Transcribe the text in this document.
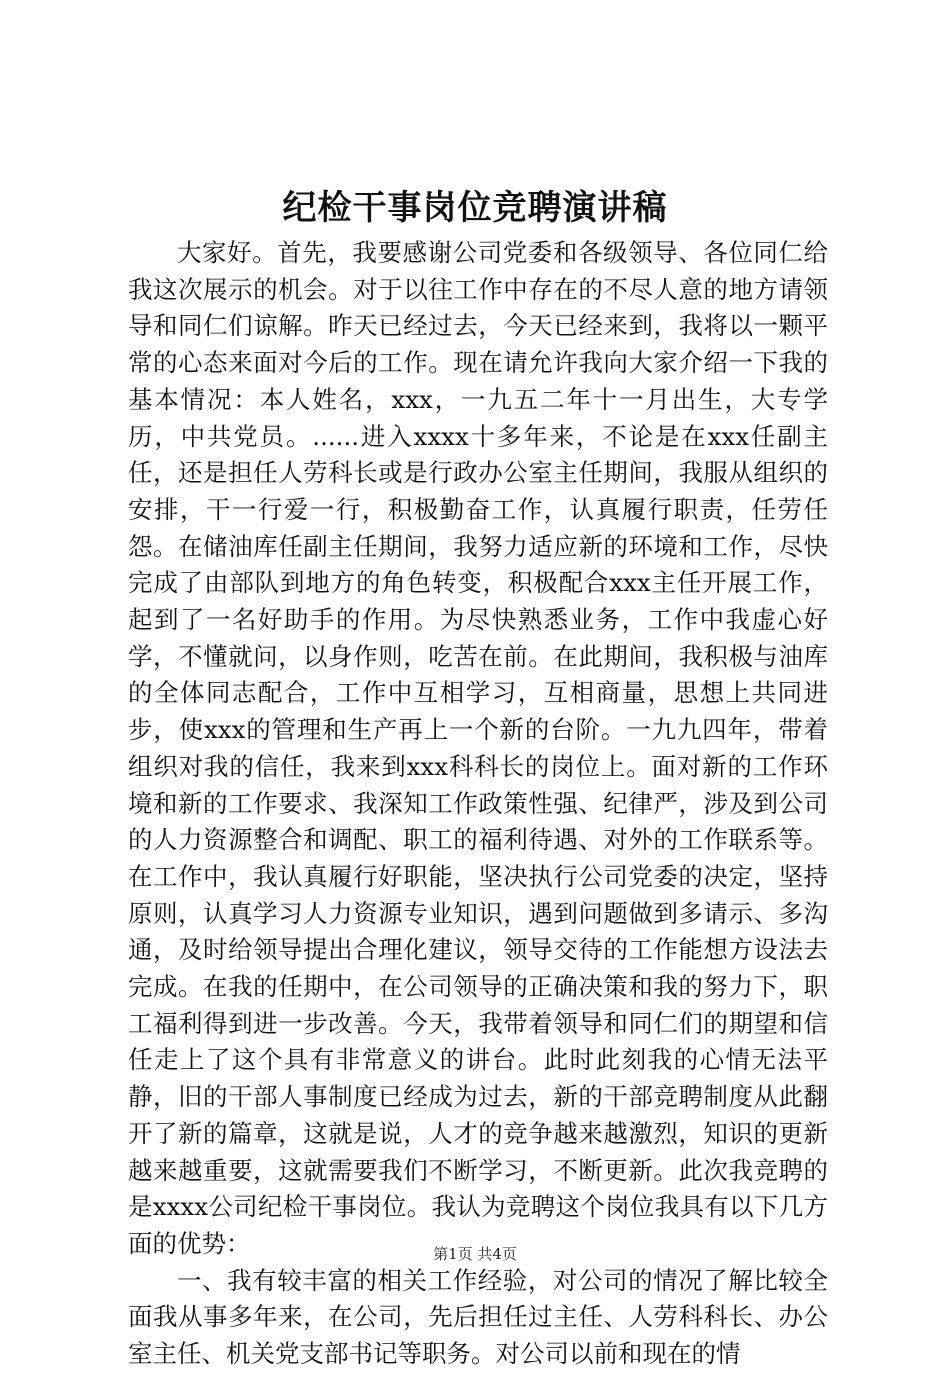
纪检干事岗位竞聘演讲稿

大家好。首先，我要感谢公司党委和各级领导、各位同仁给我这次展示的机会。对于以往工作中存在的不尽人意的地方请领导和同仁们谅解。昨天已经过去，今天已经来到，我将以一颗平常的心态来面对今后的工作。现在请允许我向大家介绍一下我的基本情况：本人姓名，xxx，一九五二年十一月出生，大专学历，中共党员。......进入xxxx十多年来，不论是在xxx任副主任，还是担任人劳科长或是行政办公室主任期间，我服从组织的安排，干一行爱一行，积极勤奋工作，认真履行职责，任劳任怨。在储油库任副主任期间，我努力适应新的环境和工作，尽快完成了由部队到地方的角色转变，积极配合xxx主任开展工作，起到了一名好助手的作用。为尽快熟悉业务，工作中我虚心好学，不懂就问，以身作则，吃苦在前。在此期间，我积极与油库的全体同志配合，工作中互相学习，互相商量，思想上共同进步，使xxx的管理和生产再上一个新的台阶。一九九四年，带着组织对我的信任，我来到xxx科科长的岗位上。面对新的工作环境和新的工作要求、我深知工作政策性强、纪律严，涉及到公司的人力资源整合和调配、职工的福利待遇、对外的工作联系等。在工作中，我认真履行好职能，坚决执行公司党委的决定，坚持原则，认真学习人力资源专业知识，遇到问题做到多请示、多沟通，及时给领导提出合理化建议，领导交待的工作能想方设法去完成。在我的任期中，在公司领导的正确决策和我的努力下，职工福利得到进一步改善。今天，我带着领导和同仁们的期望和信任走上了这个具有非常意义的讲台。此时此刻我的心情无法平静，旧的干部人事制度已经成为过去，新的干部竞聘制度从此翻开了新的篇章，这就是说，人才的竞争越来越激烈，知识的更新越来越重要，这就需要我们不断学习，不断更新。此次我竞聘的是xxxx公司纪检干事岗位。我认为竞聘这个岗位我具有以下几方面的优势：

一、我有较丰富的相关工作经验，对公司的情况了解比较全面我从事多年来，在公司，先后担任过主任、人劳科科长、办公室主任、机关党支部书记等职务。对公司以前和现在的情

第1页 共4页
